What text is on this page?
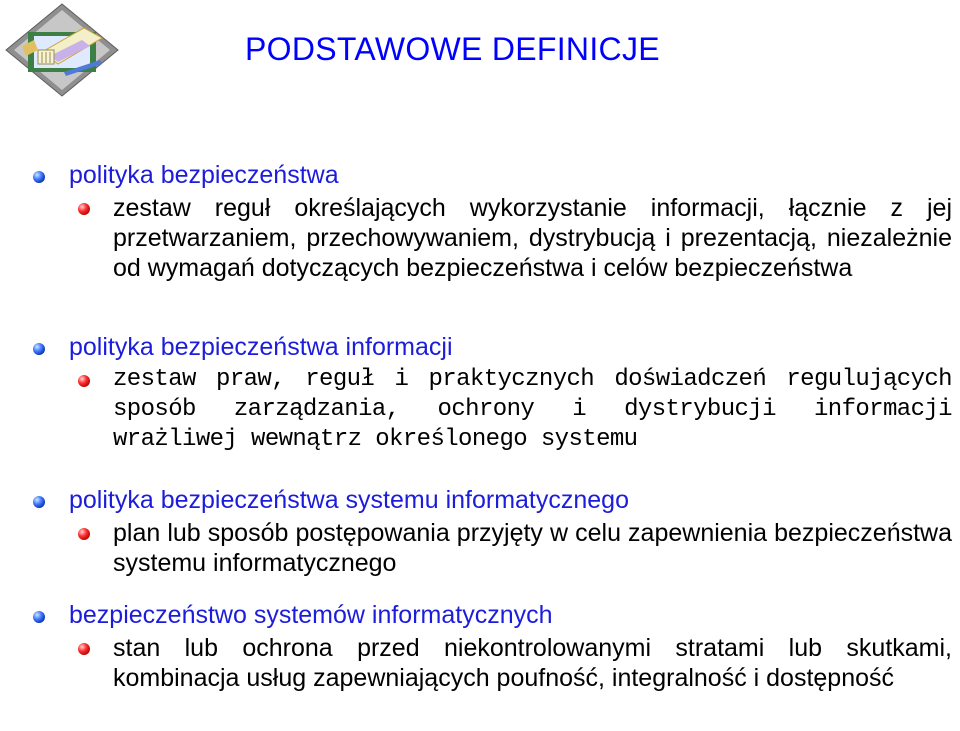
PODSTAWOWE DEFINICJE
polityka bezpieczeństwa
zestaw reguł określających wykorzystanie informacji, łącznie z jej przetwarzaniem, przechowywaniem, dystrybucją i prezentacją, niezależnie od wymagań dotyczących bezpieczeństwa i celów bezpieczeństwa
polityka bezpieczeństwa informacji
zestaw praw, reguł i praktycznych doświadczeń regulujących sposób zarządzania, ochrony i dystrybucji informacji wrażliwej wewnątrz określonego systemu
polityka bezpieczeństwa systemu informatycznego
plan lub sposób postępowania przyjęty w celu zapewnienia bezpieczeństwa systemu informatycznego
bezpieczeństwo systemów informatycznych
stan lub ochrona przed niekontrolowanymi stratami lub skutkami, kombinacja usług zapewniających poufność, integralność i dostępność
